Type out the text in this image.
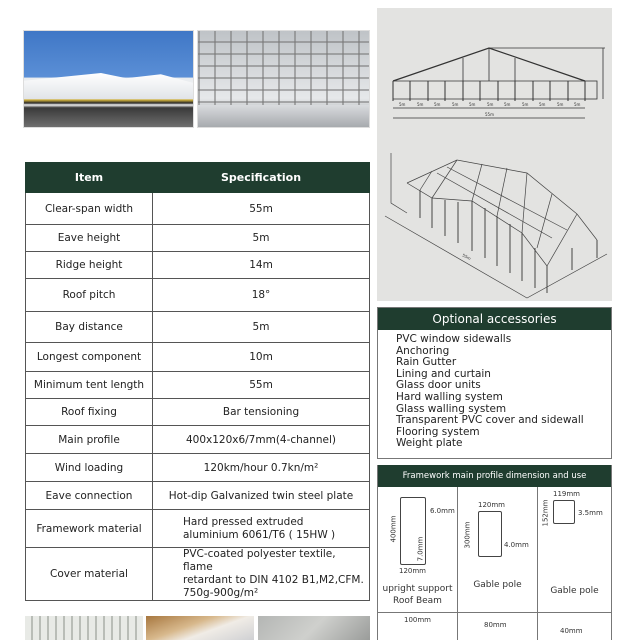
Item	Specification
Clear-span width	55m
Eave height	5m
Ridge height	14m
Roof pitch	18°
Bay distance	5m
Longest component	10m
Minimum tent length	55m
Roof fixing	Bar tensioning
Main profile	400x120x6/7mm(4-channel)
Wind loading	120km/hour 0.7kn/m²
Eave connection	Hot-dip Galvanized twin steel plate
Framework material	Hard pressed extruded
aluminium 6061/T6 ( 15HW )

Cover material	PVC-coated polyester textile, flame
retardant to DIN 4102 B1,M2,CFM.
750g-900g/m²
5m	5m	5m	5m	5m	5m	5m	5m	5m	5m	5m
55m
55m
Optional accessories
PVC window sidewalls
Anchoring
Rain Gutter
Lining and curtain
Glass door units
Hard walling system
Glass walling system
Transparent PVC cover and sidewall
Flooring system
Weight plate
Framework main profile dimension and use
400mm
6.0mm
7.0mm
120mm
upright support
Roof Beam
120mm
300mm	4.0mm
Gable pole
119mm
152mm	3.5mm
Gable pole
100mm
80mm
40mm
